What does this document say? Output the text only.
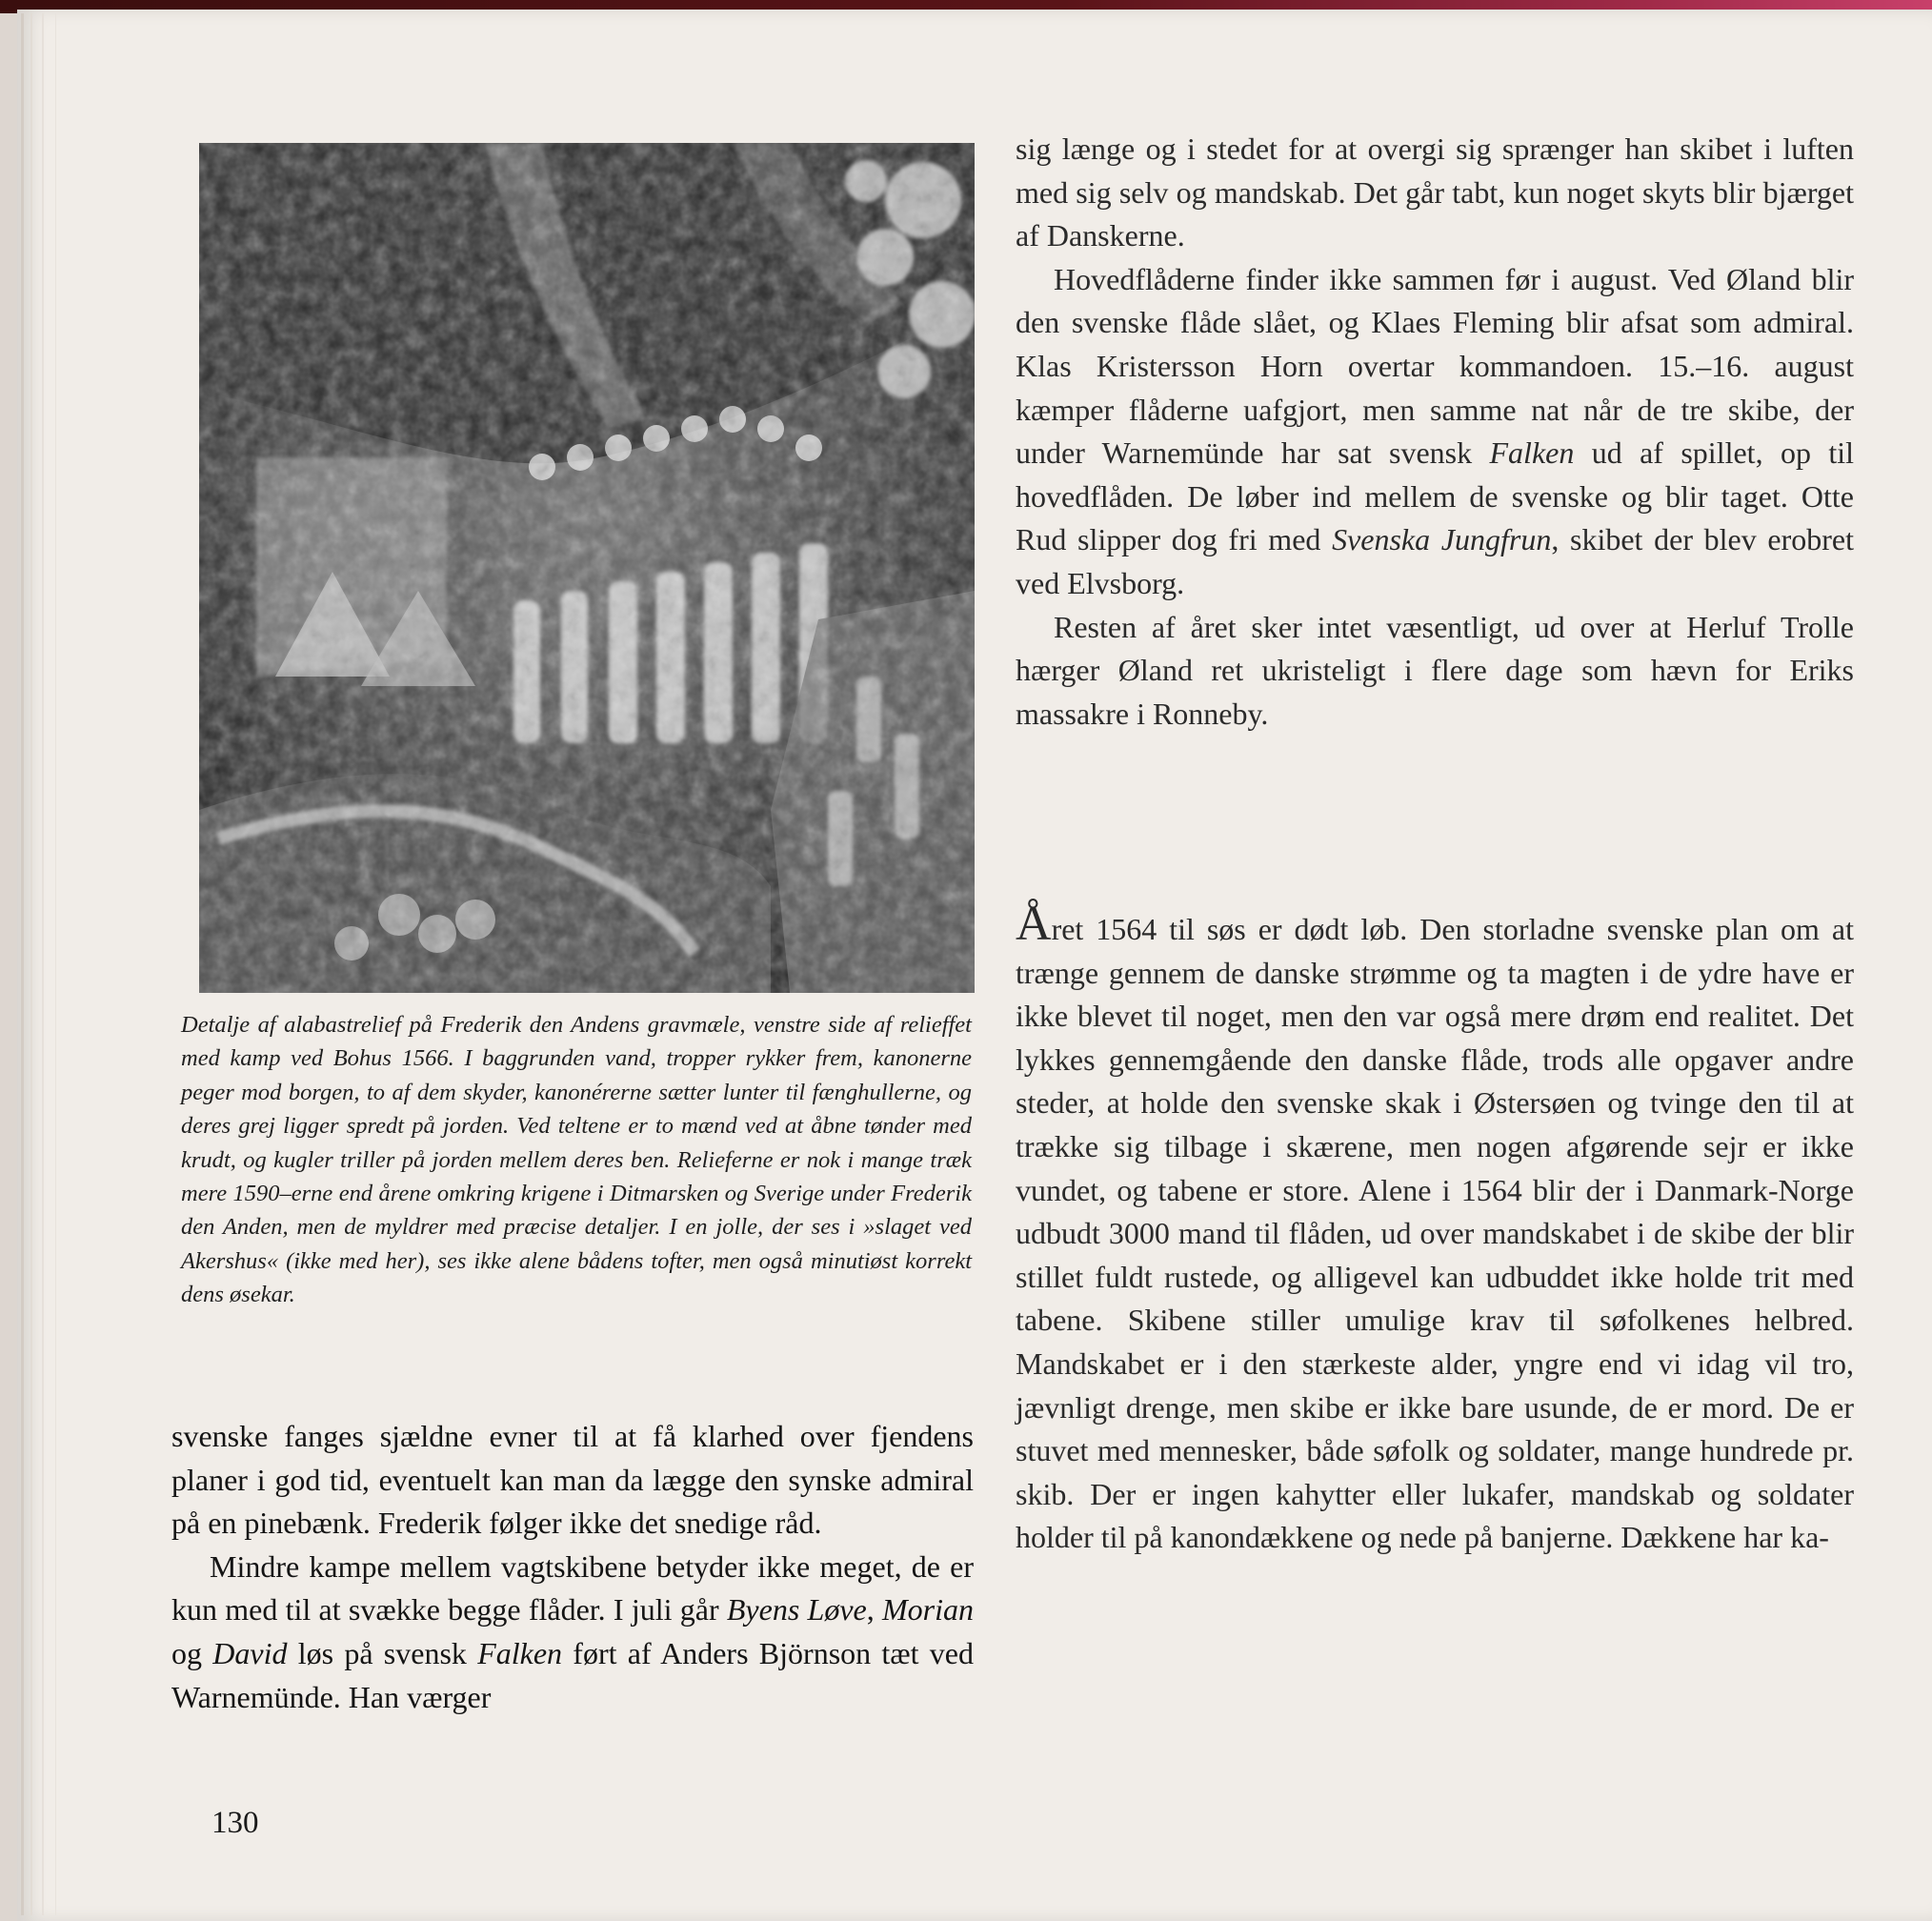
Detalje af alabastrelief på Frederik den Andens gravmæle, venstre side af relieffet med kamp ved Bohus 1566. I baggrunden vand, tropper rykker frem, kanonerne peger mod borgen, to af dem skyder, kanonérerne sætter lunter til fænghullerne, og deres grej ligger spredt på jorden. Ved teltene er to mænd ved at åbne tønder med krudt, og kugler triller på jorden mellem deres ben. Relieferne er nok i mange træk mere 1590–erne end årene omkring krigene i Ditmarsken og Sverige under Frederik den Anden, men de myldrer med præcise detaljer. I en jolle, der ses i »slaget ved Akershus« (ikke med her), ses ikke alene bådens tofter, men også minutiøst korrekt dens øsekar.

svenske fanges sjældne evner til at få klarhed over fjendens planer i god tid, eventuelt kan man da lægge den synske admiral på en pinebænk. Frederik følger ikke det snedige råd.

Mindre kampe mellem vagtskibene betyder ikke meget, de er kun med til at svække begge flåder. I juli går Byens Løve, Morian og David løs på svensk Falken ført af Anders Björnson tæt ved Warnemünde. Han værger

sig længe og i stedet for at overgi sig sprænger han skibet i luften med sig selv og mandskab. Det går tabt, kun noget skyts blir bjærget af Danskerne.

Hovedflåderne finder ikke sammen før i august. Ved Øland blir den svenske flåde slået, og Klaes Fleming blir afsat som admiral. Klas Kristersson Horn overtar kommandoen. 15.–16. august kæmper flåderne uafgjort, men samme nat når de tre skibe, der under Warnemünde har sat svensk Falken ud af spillet, op til hovedflåden. De løber ind mellem de svenske og blir taget. Otte Rud slipper dog fri med Svenska Jungfrun, skibet der blev erobret ved Elvsborg.

Resten af året sker intet væsentligt, ud over at Herluf Trolle hærger Øland ret ukristeligt i flere dage som hævn for Eriks massakre i Ronneby.

Året 1564 til søs er dødt løb. Den storladne svenske plan om at trænge gennem de danske strømme og ta magten i de ydre have er ikke blevet til noget, men den var også mere drøm end realitet. Det lykkes gennemgående den danske flåde, trods alle opgaver andre steder, at holde den svenske skak i Østersøen og tvinge den til at trække sig tilbage i skærene, men nogen afgørende sejr er ikke vundet, og tabene er store. Alene i 1564 blir der i Danmark-Norge udbudt 3000 mand til flåden, ud over mandskabet i de skibe der blir stillet fuldt rustede, og alligevel kan udbuddet ikke holde trit med tabene. Skibene stiller umulige krav til søfolkenes helbred. Mandskabet er i den stærkeste alder, yngre end vi idag vil tro, jævnligt drenge, men skibe er ikke bare usunde, de er mord. De er stuvet med mennesker, både søfolk og soldater, mange hundrede pr. skib. Der er ingen kahytter eller lukafer, mandskab og soldater holder til på kanondækkene og nede på banjerne. Dækkene har ka-

130
